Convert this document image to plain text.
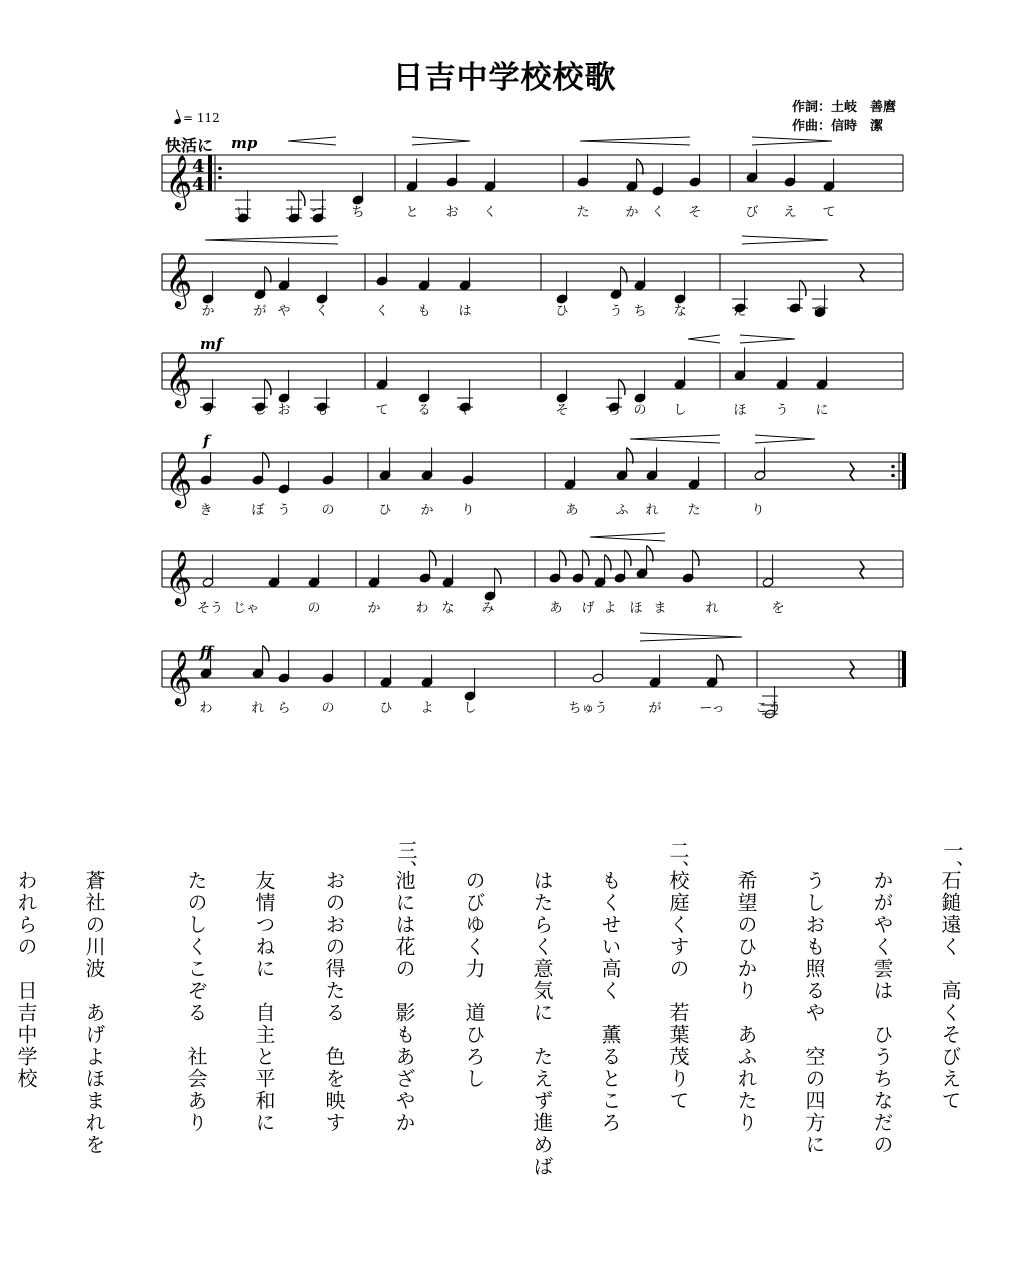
日吉中学校校歌
作詞：土岐　善麿
作曲：信時　潔
= 112
快活に mp
mf
f
ff
𝄞
𝄞
𝄞
𝄞
𝄞
𝄞
4
4
い	し づ ち	と お く	た	か く そ	び え て
か	が や く	く も は	ひ	う ち な	だ	ー の
う	し お も	て る や	そ	ら の し	ほ う に
き	ぼ う の	ひ か り	あ	ふ れ た	り
そう じゃ	の	か	わ な み	あ げ よ ほ ま	れ	を
わ	れ ら の	ひ よ し	ちゅう	が	ーっ こう
一、
石鎚遠く　高くそびえて
かがやく雲は　ひうちなだの
うしおも照るや　空の四方に
希望のひかり　あふれたり
二、
校庭くすの　若葉茂りて
もくせい高く　薫るところ
はたらく意気に　たえず進めば
のびゆく力　道ひろし
三、
池には花の　影もあざやか
おのおの得たる　色を映す
友情つねに　自主と平和に
たのしくこぞる　社会あり
蒼社の川波　あげよほまれを
われらの　日吉中学校
